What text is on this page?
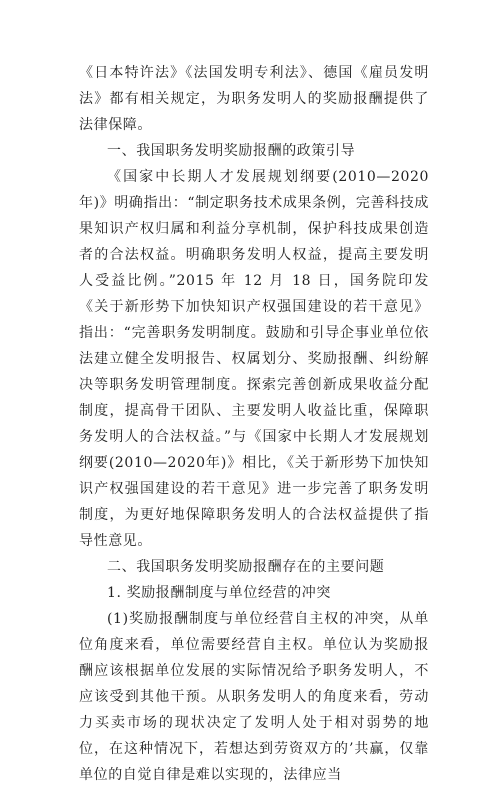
《日本特许法》《法国发明专利法》、德国《雇员发明法》都有相关规定，为职务发明人的奖励报酬提供了法律保障。

一、我国职务发明奖励报酬的政策引导

《国家中长期人才发展规划纲要(2010—2020年)》明确指出：“制定职务技术成果条例，完善科技成果知识产权归属和利益分享机制，保护科技成果创造者的合法权益。明确职务发明人权益，提高主要发明人受益比例。”2015 年 12 月 18 日，国务院印发《关于新形势下加快知识产权强国建设的若干意见》指出：“完善职务发明制度。鼓励和引导企事业单位依法建立健全发明报告、权属划分、奖励报酬、纠纷解决等职务发明管理制度。探索完善创新成果收益分配制度，提高骨干团队、主要发明人收益比重，保障职务发明人的合法权益。”与《国家中长期人才发展规划纲要(2010—2020年)》相比，《关于新形势下加快知识产权强国建设的若干意见》进一步完善了职务发明制度，为更好地保障职务发明人的合法权益提供了指导性意见。

二、我国职务发明奖励报酬存在的主要问题

1. 奖励报酬制度与单位经营的冲突

(1)奖励报酬制度与单位经营自主权的冲突，从单位角度来看，单位需要经营自主权。单位认为奖励报酬应该根据单位发展的实际情况给予职务发明人，不应该受到其他干预。从职务发明人的角度来看，劳动力买卖市场的现状决定了发明人处于相对弱势的地位，在这种情况下，若想达到劳资双方的’共赢，仅靠单位的自觉自律是难以实现的，法律应当
